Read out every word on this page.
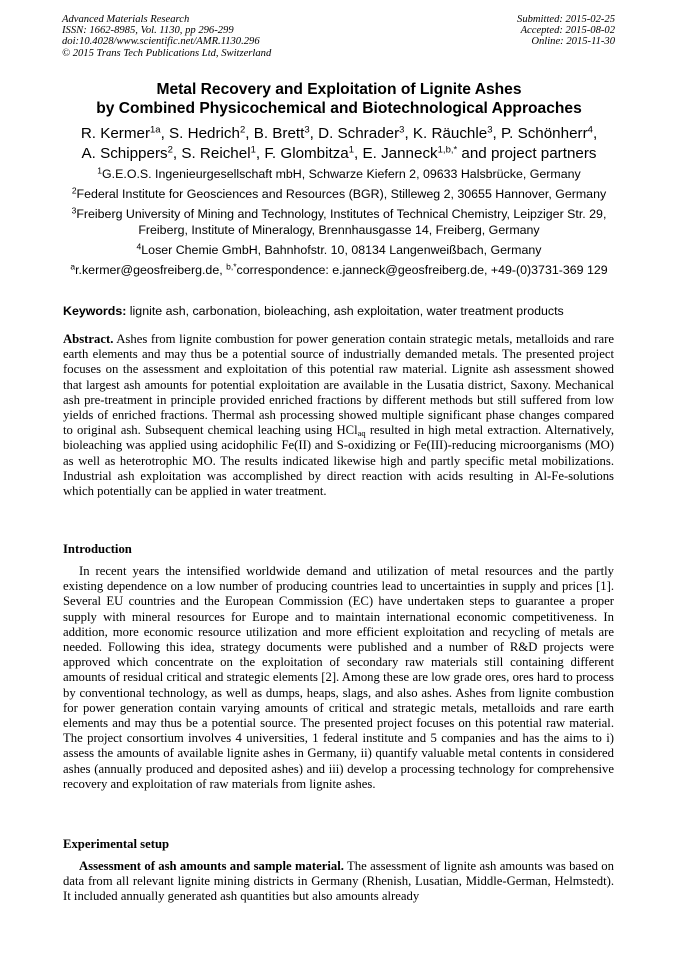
Advanced Materials Research
ISSN: 1662-8985, Vol. 1130, pp 296-299
doi:10.4028/www.scientific.net/AMR.1130.296
© 2015 Trans Tech Publications Ltd, Switzerland
Submitted: 2015-02-25
Accepted: 2015-08-02
Online: 2015-11-30
Metal Recovery and Exploitation of Lignite Ashes
by Combined Physicochemical and Biotechnological Approaches
R. Kermer$^{1a}$, S. Hedrich$^2$, B. Brett$^3$, D. Schrader$^3$, K. Räuchle$^3$, P. Schönherr$^4$,
A. Schippers$^2$, S. Reichel$^1$, F. Glombitza$^1$, E. Janneck$^{1,b,*}$ and project partners
$^1$G.E.O.S. Ingenieurgesellschaft mbH, Schwarze Kiefern 2, 09633 Halsbrücke, Germany
$^2$Federal Institute for Geosciences and Resources (BGR), Stilleweg 2, 30655 Hannover, Germany
$^3$Freiberg University of Mining and Technology, Institutes of Technical Chemistry, Leipziger Str. 29,
Freiberg, Institute of Mineralogy, Brennhausgasse 14, Freiberg, Germany
$^4$Loser Chemie GmbH, Bahnhofstr. 10, 08134 Langenweißbach, Germany
$^a$r.kermer@geosfreiberg.de, $^{b,*}$correspondence: e.janneck@geosfreiberg.de, +49-(0)3731-369 129
Keywords: lignite ash, carbonation, bioleaching, ash exploitation, water treatment products
Abstract. Ashes from lignite combustion for power generation contain strategic metals, metalloids and rare earth elements and may thus be a potential source of industrially demanded metals. The presented project focuses on the assessment and exploitation of this potential raw material. Lignite ash assessment showed that largest ash amounts for potential exploitation are available in the Lusatia district, Saxony. Mechanical ash pre-treatment in principle provided enriched fractions by different methods but still suffered from low yields of enriched fractions. Thermal ash processing showed multiple significant phase changes compared to original ash. Subsequent chemical leaching using HCl$_{aq}$ resulted in high metal extraction. Alternatively, bioleaching was applied using acidophilic Fe(II) and S-oxidizing or Fe(III)-reducing microorganisms (MO) as well as heterotrophic MO. The results indicated likewise high and partly specific metal mobilizations. Industrial ash exploitation was accomplished by direct reaction with acids resulting in Al-Fe-solutions which potentially can be applied in water treatment.
Introduction
In recent years the intensified worldwide demand and utilization of metal resources and the partly existing dependence on a low number of producing countries lead to uncertainties in supply and prices [1]. Several EU countries and the European Commission (EC) have undertaken steps to guarantee a proper supply with mineral resources for Europe and to maintain international economic competitiveness. In addition, more economic resource utilization and more efficient exploitation and recycling of metals are needed. Following this idea, strategy documents were published and a number of R&D projects were approved which concentrate on the exploitation of secondary raw materials still containing different amounts of residual critical and strategic elements [2]. Among these are low grade ores, ores hard to process by conventional technology, as well as dumps, heaps, slags, and also ashes. Ashes from lignite combustion for power generation contain varying amounts of critical and strategic metals, metalloids and rare earth elements and may thus be a potential source. The presented project focuses on this potential raw material. The project consortium involves 4 universities, 1 federal institute and 5 companies and has the aims to i) assess the amounts of available lignite ashes in Germany, ii) quantify valuable metal contents in considered ashes (annually produced and deposited ashes) and iii) develop a processing technology for comprehensive recovery and exploitation of raw materials from lignite ashes.
Experimental setup
Assessment of ash amounts and sample material. The assessment of lignite ash amounts was based on data from all relevant lignite mining districts in Germany (Rhenish, Lusatian, Middle-German, Helmstedt). It included annually generated ash quantities but also amounts already
